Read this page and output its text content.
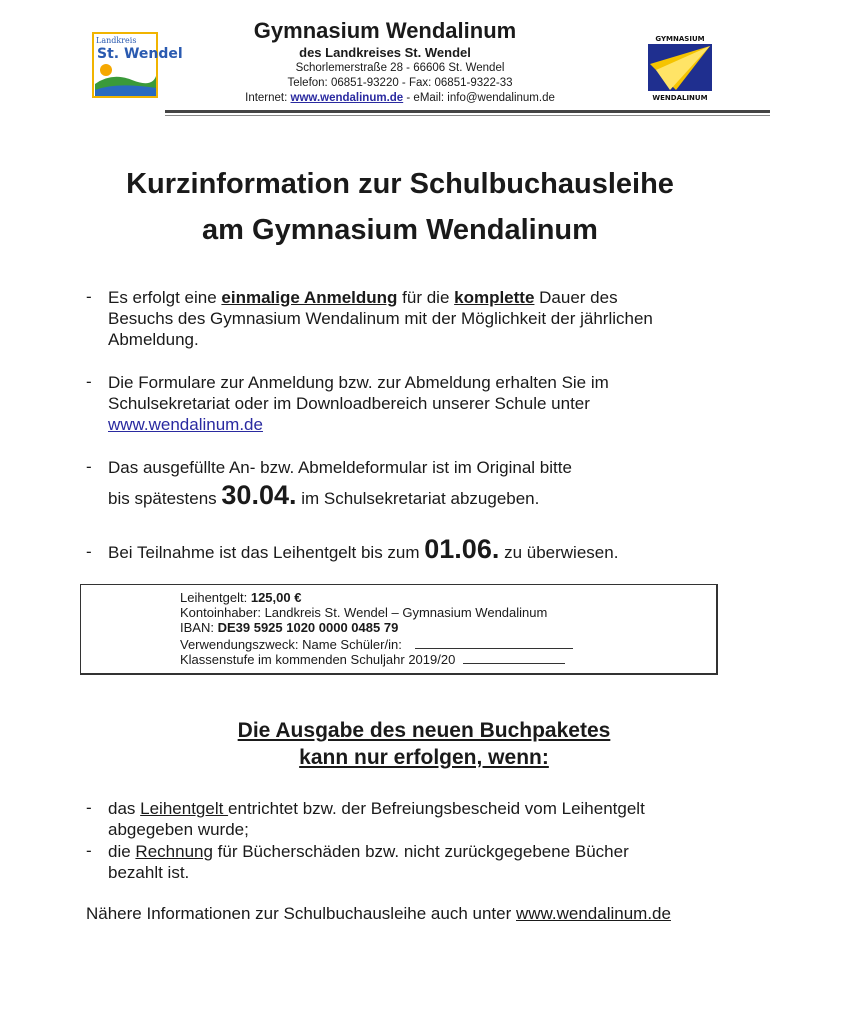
Landkreis
St. Wendel
GYMNASIUM
WENDALINUM
Gymnasium Wendalinum
des Landkreises St. Wendel
Schorlemerstraße 28 - 66606 St. Wendel
Telefon: 06851-93220 - Fax: 06851-9322-33
Internet: www.wendalinum.de - eMail: info@wendalinum.de
Kurzinformation zur Schulbuchausleihe
am Gymnasium Wendalinum
- Es erfolgt eine einmalige Anmeldung für die komplette Dauer des
Besuchs des Gymnasium Wendalinum mit der Möglichkeit der jährlichen
Abmeldung.
- Die Formulare zur Anmeldung bzw. zur Abmeldung erhalten Sie im
Schulsekretariat oder im Downloadbereich unserer Schule unter
www.wendalinum.de
- Das ausgefüllte An- bzw. Abmeldeformular ist im Original bitte
bis spätestens 30.04. im Schulsekretariat abzugeben.
- Bei Teilnahme ist das Leihentgelt bis zum 01.06. zu überwiesen.
Leihentgelt: 125,00 €
Kontoinhaber: Landkreis St. Wendel – Gymnasium Wendalinum
IBAN: DE39 5925 1020 0000 0485 79
Verwendungszweck: Name Schüler/in:
Klassenstufe im kommenden Schuljahr 2019/20
Die Ausgabe des neuen Buchpaketes
kann nur erfolgen, wenn:
- das Leihentgelt entrichtet bzw. der Befreiungsbescheid vom Leihentgelt
abgegeben wurde;
- die Rechnung für Bücherschäden bzw. nicht zurückgegebene Bücher
bezahlt ist.
Nähere Informationen zur Schulbuchausleihe auch unter www.wendalinum.de
